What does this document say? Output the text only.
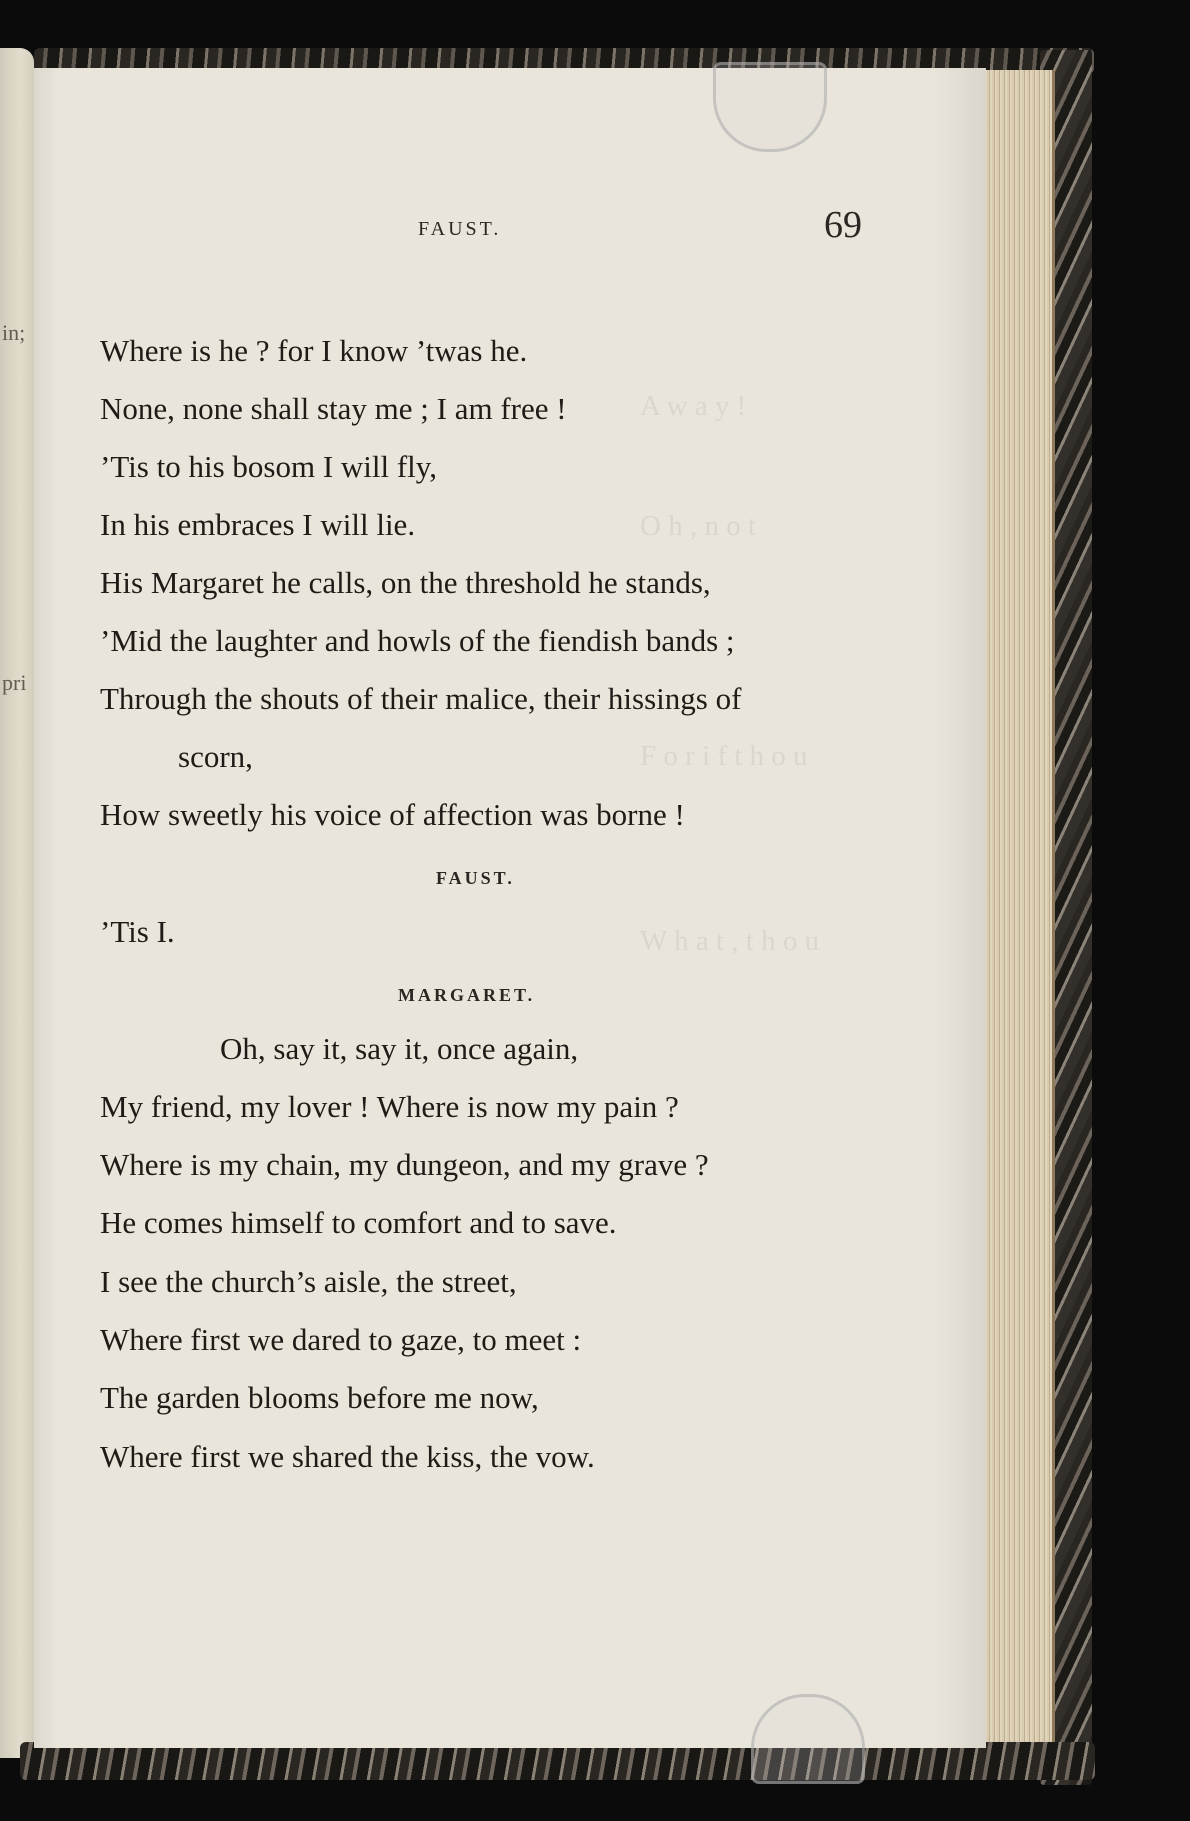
in;
pri
A w a y !
O h , n o t
F o r i f t h o u
W h a t , t h o u
FAUST.	69
Where is he ? for I know ’twas he.
None, none shall stay me ; I am free !
’Tis to his bosom I will fly,
In his embraces I will lie.
His Margaret he calls, on the threshold he stands,
’Mid the laughter and howls of the fiendish bands ;
Through the shouts of their malice, their hissings of
scorn,
How sweetly his voice of affection was borne !
FAUST.
’Tis I.
MARGARET.
Oh, say it, say it, once again,
My friend, my lover ! Where is now my pain ?
Where is my chain, my dungeon, and my grave ?
He comes himself to comfort and to save.
I see the church’s aisle, the street,
Where first we dared to gaze, to meet :
The garden blooms before me now,
Where first we shared the kiss, the vow.
